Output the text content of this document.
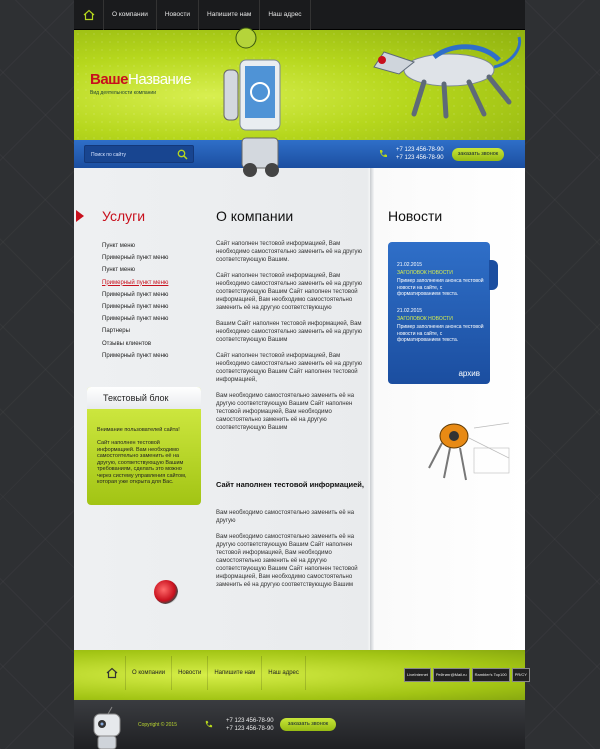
О компании	Новости	Напишите нам	Наш адрес
ВашеНазвание
Вид деятельности компании
Поиск по сайту
+7 123 456-78-90
+7 123 456-78-90
заказать звонок
Услуги
Пункт меню
Примерный пункт меню
Пункт меню
Примерный пункт меню
Примерный пункт меню
Примерный пункт меню
Примерный пункт меню
Партнеры
Отзывы клиентов
Примерный пункт меню
Текстовый блок
Внимание пользователей сайта!
Сайт наполнен тестовой информацией. Вам необходимо самостоятельно заменить её на другую, соответствующую Вашим требованиям, сделать это можно через систему управления сайтом, которая уже открыта для Вас.
О компании

Сайт наполнен тестовой информацией, Вам необходимо самостоятельно заменить её на другую соответствующую Вашим.

Сайт наполнен тестовой информацией, Вам необходимо самостоятельно заменить её на другую соответствующую Вашим Сайт наполнен тестовой информацией, Вам необходимо самостоятельно заменить её на другую соответствующую

Вашим Сайт наполнен тестовой информацией, Вам необходимо самостоятельно заменить её на другую соответствующую Вашим

Сайт наполнен тестовой информацией, Вам необходимо самостоятельно заменить её на другую соответствующую Вашим Сайт наполнен тестовой информацией,

Вам необходимо самостоятельно заменить её на другую соответствующую Вашим Сайт наполнен тестовой информацией, Вам необходимо самостоятельно заменить её на другую соответствующую Вашим

Сайт наполнен тестовой информацией,

Вам необходимо самостоятельно заменить её на другую

Вам необходимо самостоятельно заменить её на другую соответствующую Вашим Сайт наполнен тестовой информацией, Вам необходимо самостоятельно заменить её на другую соответствующую Вашим Сайт наполнен тестовой информацией, Вам необходимо самостоятельно заменить её на другую соответствующую Вашим

Новости
21.02.2015
ЗАГОЛОВОК НОВОСТИ
Пример заполнения анонса тестовой новости на сайте, с форматированием текста.
21.02.2015
ЗАГОЛОВОК НОВОСТИ
Пример заполнения анонса тестовой новости на сайте, с форматированием текста.
архив
О компании	Новости	Напишите нам	Наш адрес	LiveInternet	Рейтинг@Mail.ru	Rambler's Top100	PR/CY
Copyright © 2015
+7 123 456-78-90
+7 123 456-78-90
заказать звонок
